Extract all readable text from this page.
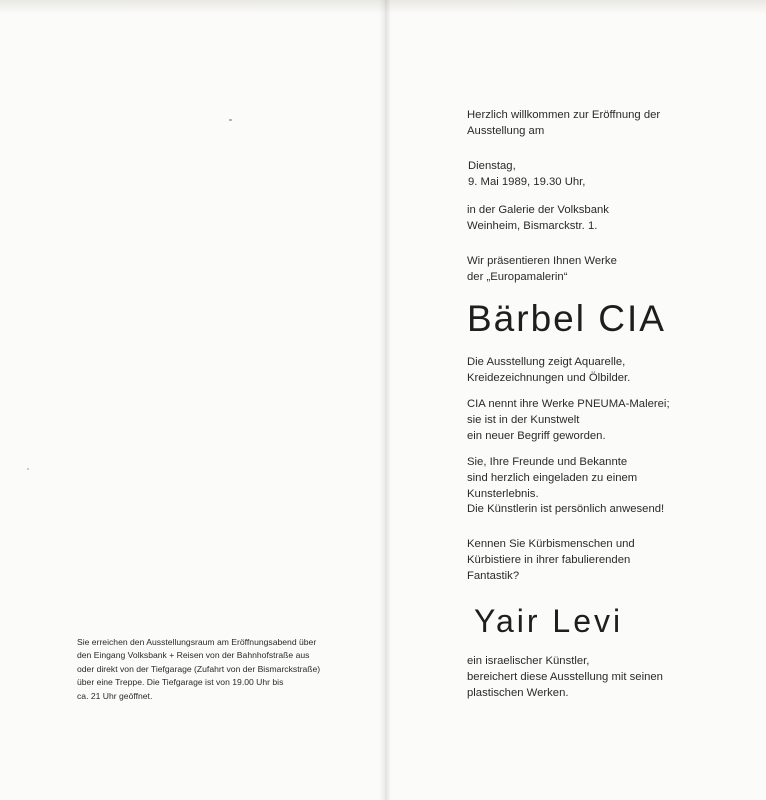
Sie erreichen den Ausstellungsraum am Eröffnungsabend über
den Eingang Volksbank + Reisen von der Bahnhofstraße aus
oder direkt von der Tiefgarage (Zufahrt von der Bismarckstraße)
über eine Treppe. Die Tiefgarage ist von 19.00 Uhr bis
ca. 21 Uhr geöffnet.
Herzlich willkommen zur Eröffnung der
Ausstellung am
Dienstag,
9. Mai 1989, 19.30 Uhr,
in der Galerie der Volksbank
Weinheim, Bismarckstr. 1.
Wir präsentieren Ihnen Werke
der „Europamalerin“
Bärbel CIA
Die Ausstellung zeigt Aquarelle,
Kreidezeichnungen und Ölbilder.
CIA nennt ihre Werke PNEUMA-Malerei;
sie ist in der Kunstwelt
ein neuer Begriff geworden.
Sie, Ihre Freunde und Bekannte
sind herzlich eingeladen zu einem
Kunsterlebnis.
Die Künstlerin ist persönlich anwesend!
Kennen Sie Kürbismenschen und
Kürbistiere in ihrer fabulierenden
Fantastik?
Yair Levi
ein israelischer Künstler,
bereichert diese Ausstellung mit seinen
plastischen Werken.
